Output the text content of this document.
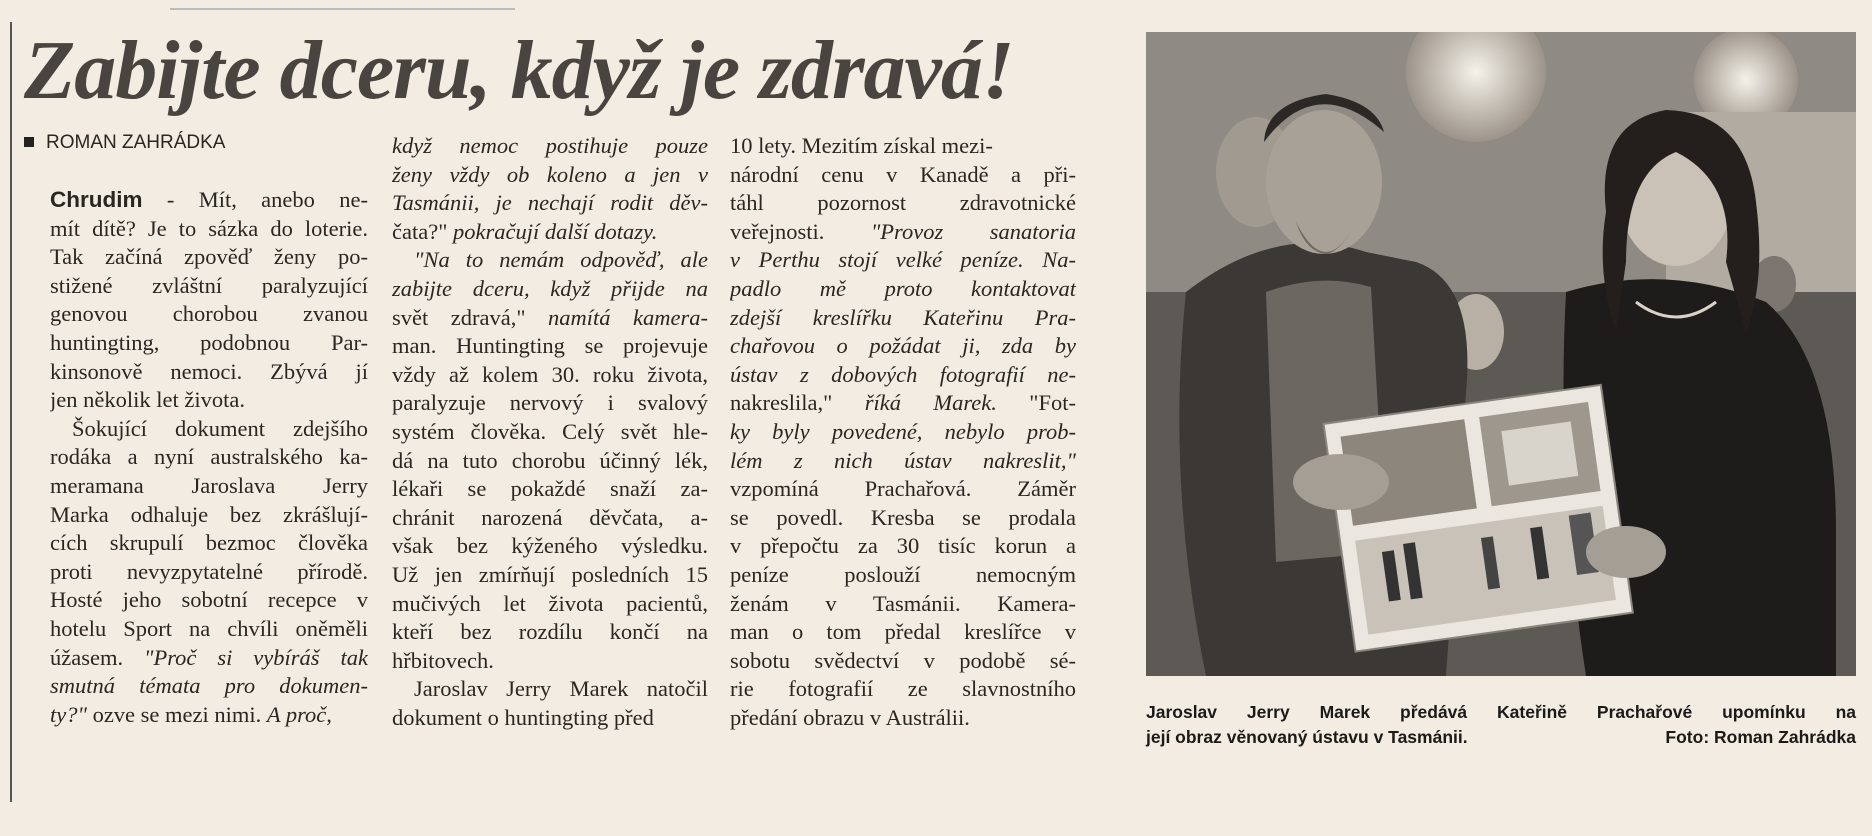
Zabijte dceru, když je zdravá!
ROMAN ZAHRÁDKA
Chrudim - Mít, anebo ne-
mít dítě? Je to sázka do loterie.
Tak začíná zpověď ženy po-
stižené zvláštní paralyzující
genovou chorobou zvanou
huntingting, podobnou Par-
kinsonově nemoci. Zbývá jí
jen několik let života.
Šokující dokument zdejšího
rodáka a nyní australského ka-
meramana Jaroslava Jerry
Marka odhaluje bez zkrášlují-
cích skrupulí bezmoc člověka
proti nevyzpytatelné přírodě.
Hosté jeho sobotní recepce v
hotelu Sport na chvíli oněměli
úžasem. "Proč si vybíráš tak
smutná témata pro dokumen-
ty?" ozve se mezi nimi. A proč,
když nemoc postihuje pouze
ženy vždy ob koleno a jen v
Tasmánii, je nechají rodit děv-
čata?" pokračují další dotazy.
"Na to nemám odpověď, ale
zabijte dceru, když přijde na
svět zdravá," namítá kamera-
man. Huntingting se projevuje
vždy až kolem 30. roku života,
paralyzuje nervový i svalový
systém člověka. Celý svět hle-
dá na tuto chorobu účinný lék,
lékaři se pokaždé snaží za-
chránit narozená děvčata, a-
však bez kýženého výsledku.
Už jen zmírňují posledních 15
mučivých let života pacientů,
kteří bez rozdílu končí na
hřbitovech.
Jaroslav Jerry Marek natočil
dokument o huntingting před
10 lety. Mezitím získal mezi-
národní cenu v Kanadě a při-
táhl pozornost zdravotnické
veřejnosti. "Provoz sanatoria
v Perthu stojí velké peníze. Na-
padlo mě proto kontaktovat
zdejší kreslířku Kateřinu Pra-
chařovou o požádat ji, zda by
ústav z dobových fotografií ne-
nakreslila," říká Marek. "Fot-
ky byly povedené, nebylo prob-
lém z nich ústav nakreslit,"
vzpomíná Prachařová. Záměr
se povedl. Kresba se prodala
v přepočtu za 30 tisíc korun a
peníze poslouží nemocným
ženám v Tasmánii. Kamera-
man o tom předal kreslířce v
sobotu svědectví v podobě sé-
rie fotografií ze slavnostního
předání obrazu v Austrálii.	Jaroslav Jerry Marek předává Kateřině Prachařové upomínku na
její obraz věnovaný ústavu v Tasmánii.	Foto: Roman Zahrádka
